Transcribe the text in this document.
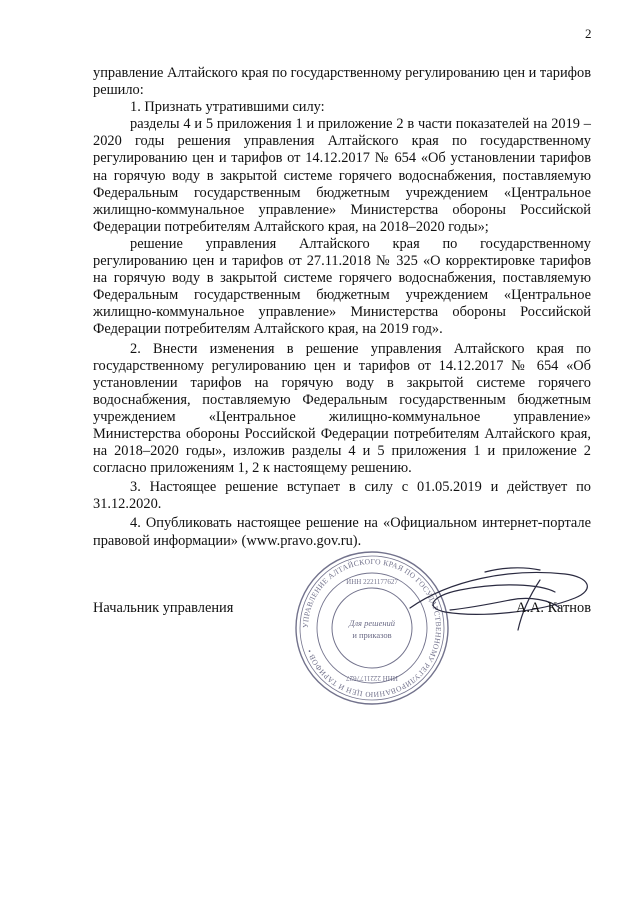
2

управление Алтайского края по государственному регулированию цен и тарифов решило:

1. Признать утратившими силу:

разделы 4 и 5 приложения 1 и приложение 2 в части показателей на 2019 – 2020 годы решения управления Алтайского края по государственному регулированию цен и тарифов от 14.12.2017 № 654 «Об установлении тарифов на горячую воду в закрытой системе горячего водоснабжения, поставляемую Федеральным государственным бюджетным учреждением «Центральное жилищно-коммунальное управление» Министерства обороны Российской Федерации потребителям Алтайского края, на 2018–2020 годы»;

решение управления Алтайского края по государственному регулированию цен и тарифов от 27.11.2018 № 325 «О корректировке тарифов на горячую воду в закрытой системе горячего водоснабжения, поставляемую Федеральным государственным бюджетным учреждением «Центральное жилищно-коммунальное управление» Министерства обороны Российской Федерации потребителям Алтайского края, на 2019 год».

2. Внести изменения в решение управления Алтайского края по государственному регулированию цен и тарифов от 14.12.2017 № 654 «Об установлении тарифов на горячую воду в закрытой системе горячего водоснабжения, поставляемую Федеральным государственным бюджетным учреждением «Центральное жилищно-коммунальное управление» Министерства обороны Российской Федерации потребителям Алтайского края, на 2018–2020 годы», изложив разделы 4 и 5 приложения 1 и приложение 2 согласно приложениям 1, 2 к настоящему решению.

3. Настоящее решение вступает в силу с 01.05.2019 и действует по 31.12.2020.

4. Опубликовать настоящее решение на «Официальном интернет-портале правовой информации» (www.pravo.gov.ru).

УПРАВЛЕНИЕ АЛТАЙСКОГО КРАЯ ПО ГОСУДАРСТВЕННОМУ РЕГУЛИРОВАНИЮ ЦЕН И ТАРИФОВ •
ИНН 2221177627
ИНН 2221177627
Для решений
и приказов
Начальник управления	А.А. Катнов
